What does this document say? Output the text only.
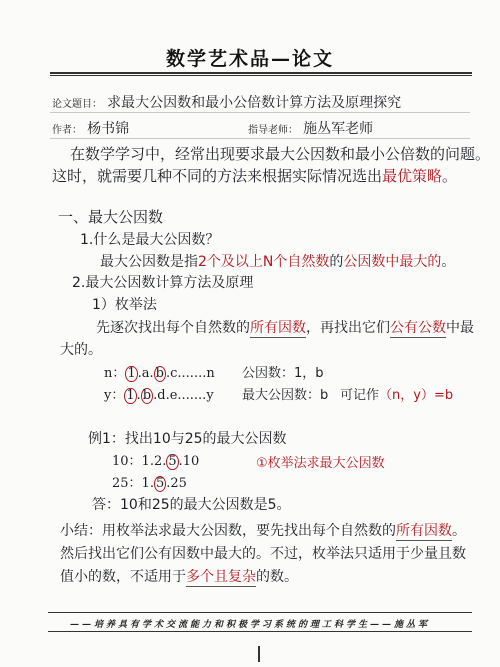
数学艺术品—论文
论文题目： 求最大公因数和最小公倍数计算方法及原理探究
作者： 杨书锦	指导老师： 施丛军老师
在数学学习中，经常出现要求最大公因数和最小公倍数的问题。
这时，就需要几种不同的方法来根据实际情况选出最优策略。
一、最大公因数
1.什么是最大公因数？
最大公因数是指2个及以上N个自然数的公因数中最大的。
2.最大公因数计算方法及原理
1）枚举法
先逐次找出每个自然数的所有因数，再找出它们公有公数中最
大的。
n： 1 .a. b .c.......n 公因数：1，b
y： 1 . b .d.e.......y 最大公因数：b 可记作（n，y）=b
例1：找出10与25的最大公因数
10：1.2. 5 .10
25：1. 5 .25
①枚举法求最大公因数
答：10和25的最大公因数是5。
小结：用枚举法求最大公因数，要先找出每个自然数的所有因数。
然后找出它们公有因数中最大的。不过，枚举法只适用于少量且数
值小的数，不适用于多个且复杂的数。
——培养具有学术交流能力和积极学习系统的理工科学生——施丛军
